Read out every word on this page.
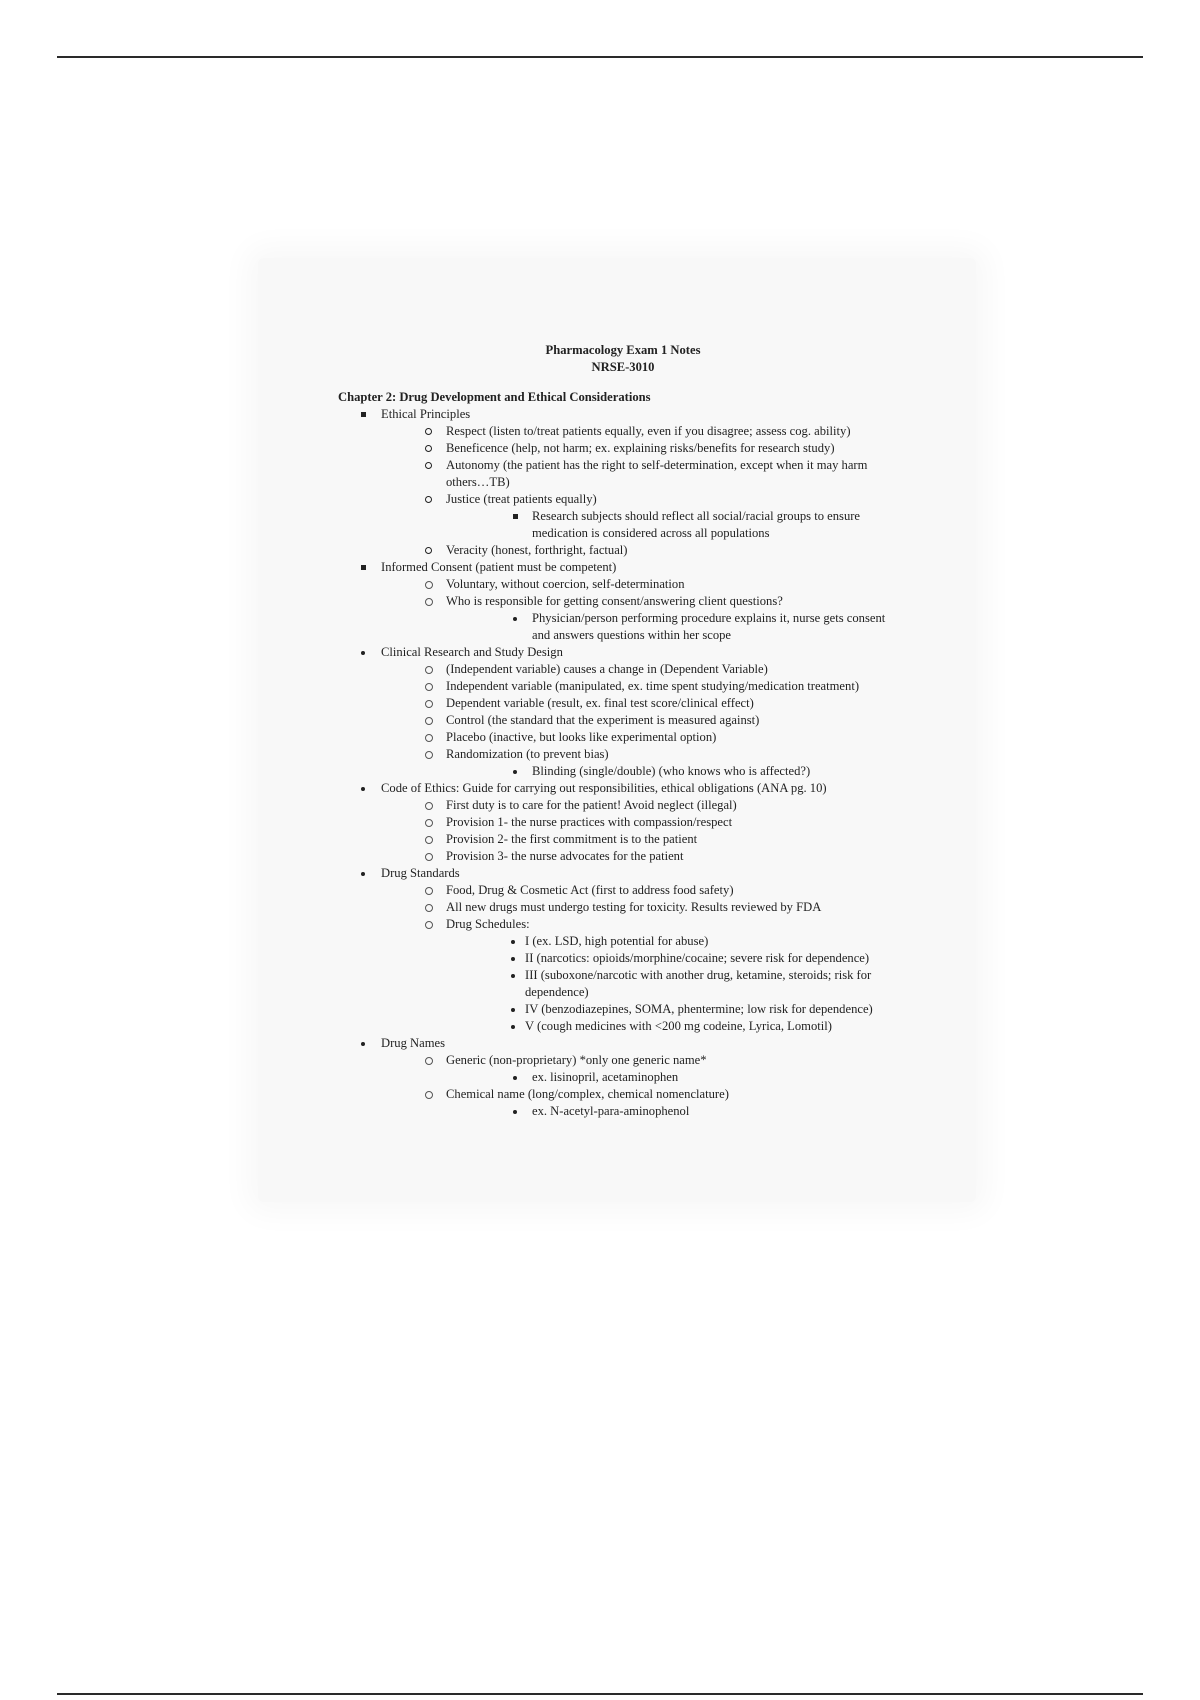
Pharmacology Exam 1 Notes

NRSE-3010

Chapter 2: Drug Development and Ethical Considerations

Ethical Principles
Respect (listen to/treat patients equally, even if you disagree; assess cog. ability)
Beneficence (help, not harm; ex. explaining risks/benefits for research study)
Autonomy (the patient has the right to self-determination, except when it may harm others…TB)
Justice (treat patients equally)
Research subjects should reflect all social/racial groups to ensure medication is considered across all populations
Veracity (honest, forthright, factual)
Informed Consent (patient must be competent)
Voluntary, without coercion, self-determination
Who is responsible for getting consent/answering client questions?
Physician/person performing procedure explains it, nurse gets consent and answers questions within her scope
Clinical Research and Study Design
(Independent variable) causes a change in (Dependent Variable)
Independent variable (manipulated, ex. time spent studying/medication treatment)
Dependent variable (result, ex. final test score/clinical effect)
Control (the standard that the experiment is measured against)
Placebo (inactive, but looks like experimental option)
Randomization (to prevent bias)
Blinding (single/double) (who knows who is affected?)
Code of Ethics: Guide for carrying out responsibilities, ethical obligations (ANA pg. 10)
First duty is to care for the patient! Avoid neglect (illegal)
Provision 1- the nurse practices with compassion/respect
Provision 2- the first commitment is to the patient
Provision 3- the nurse advocates for the patient
Drug Standards
Food, Drug & Cosmetic Act (first to address food safety)
All new drugs must undergo testing for toxicity. Results reviewed by FDA
Drug Schedules:
I (ex. LSD, high potential for abuse)
II (narcotics: opioids/morphine/cocaine; severe risk for dependence)
III (suboxone/narcotic with another drug, ketamine, steroids; risk for dependence)
IV (benzodiazepines, SOMA, phentermine; low risk for dependence)
V (cough medicines with <200 mg codeine, Lyrica, Lomotil)
Drug Names
Generic (non-proprietary) *only one generic name*
ex. lisinopril, acetaminophen
Chemical name (long/complex, chemical nomenclature)
ex. N-acetyl-para-aminophenol
